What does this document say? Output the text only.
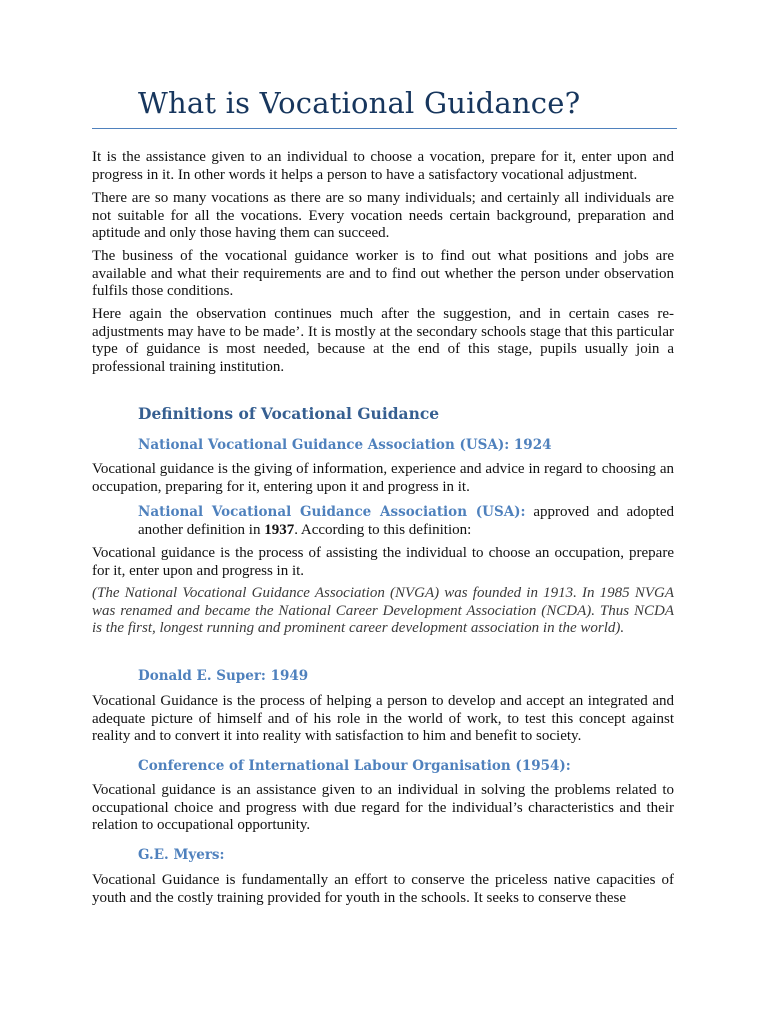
What is Vocational Guidance?

It is the assistance given to an individual to choose a vocation, prepare for it, enter upon and progress in it. In other words it helps a person to have a satisfactory vocational adjustment.

There are so many vocations as there are so many individuals; and certainly all individuals are not suitable for all the vocations. Every vocation needs certain background, preparation and aptitude and only those having them can succeed.

The business of the vocational guidance worker is to find out what positions and jobs are available and what their requirements are and to find out whether the person under observation fulfils those conditions.

Here again the observation continues much after the suggestion, and in certain cases re-adjustments may have to be made’. It is mostly at the secondary schools stage that this particular type of guidance is most needed, because at the end of this stage, pupils usually join a professional training institution.

Definitions of Vocational Guidance
National Vocational Guidance Association (USA): 1924

Vocational guidance is the giving of information, experience and advice in regard to choosing an occupation, preparing for it, entering upon it and progress in it.

National Vocational Guidance Association (USA): approved and adopted another definition in 1937. According to this definition:

Vocational guidance is the process of assisting the individual to choose an occupation, prepare for it, enter upon and progress in it.

(The National Vocational Guidance Association (NVGA) was founded in 1913. In 1985 NVGA was renamed and became the National Career Development Association (NCDA). Thus NCDA is the first, longest running and prominent career development association in the world).

Donald E. Super: 1949

Vocational Guidance is the process of helping a person to develop and accept an integrated and adequate picture of himself and of his role in the world of work, to test this concept against reality and to convert it into reality with satisfaction to him and benefit to society.

Conference of International Labour Organisation (1954):

Vocational guidance is an assistance given to an individual in solving the problems related to occupational choice and progress with due regard for the individual’s characteristics and their relation to occupational opportunity.

G.E. Myers:

Vocational Guidance is fundamentally an effort to conserve the priceless native capacities of youth and the costly training provided for youth in the schools. It seeks to conserve these
